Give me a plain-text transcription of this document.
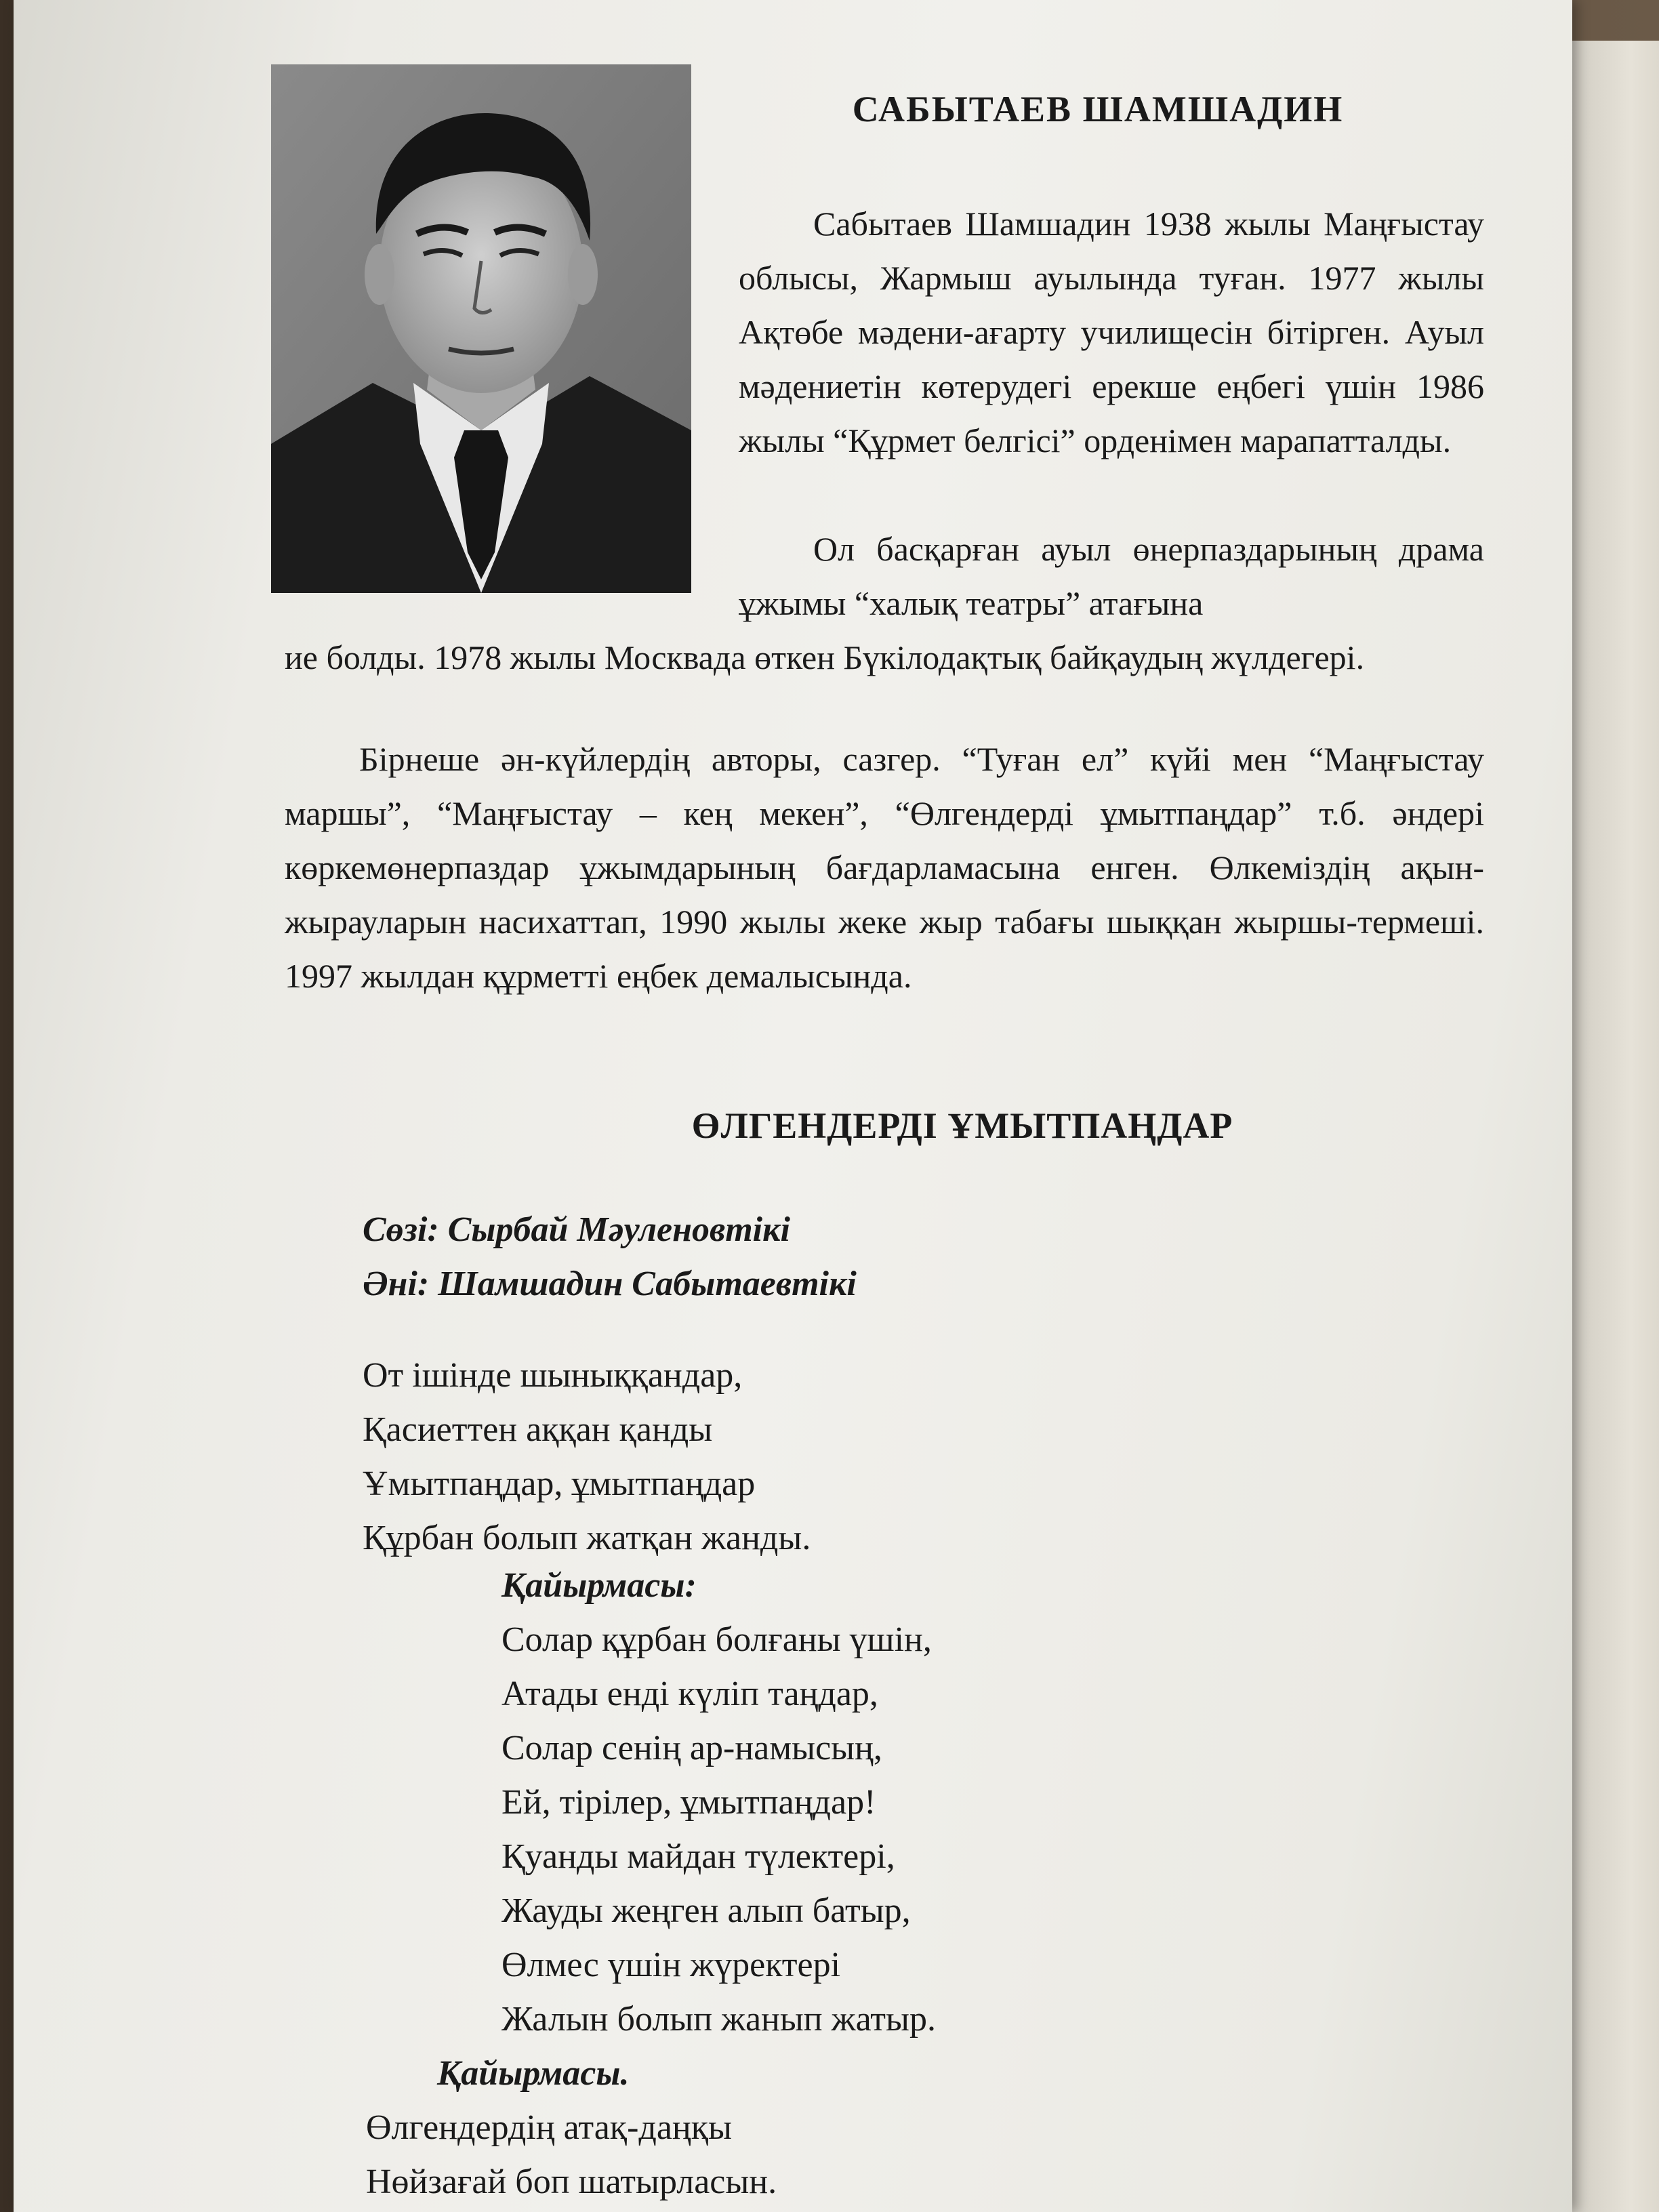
САБЫТАЕВ ШАМШАДИН
Сабытаев Шамшадин 1938 жылы Маңғыстау облысы, Жармыш ауылында туған. 1977 жылы Ақтөбе мәдени-ағарту училищесін бітірген. Ауыл мәдениетін көтерудегі ерекше еңбегі үшін 1986 жылы “Құрмет белгісі” орденімен марапатталды.
Ол басқарған ауыл өнерпаздарының драма ұжымы “халық театры” атағына
ие болды. 1978 жылы Москвада өткен Бүкілодақтық байқаудың жүлдегері.
Бірнеше ән-күйлердің авторы, сазгер. “Туған ел” күйі мен “Маңғыстау маршы”, “Маңғыстау – кең мекен”, “Өлгендерді ұмытпаңдар” т.б. әндері көркемөнерпаздар ұжымдарының бағдарламасына енген. Өлкеміздің ақын-жырауларын насихаттап, 1990 жылы жеке жыр табағы шыққан жыршы-термеші. 1997 жылдан құрметті еңбек демалысында.
ӨЛГЕНДЕРДІ ҰМЫТПАҢДАР
Сөзі: Сырбай Мәуленовтікі
Әні: Шамшадин Сабытаевтікі
От ішінде шыныққандар,
Қасиеттен аққан қанды
Ұмытпаңдар, ұмытпаңдар
Құрбан болып жатқан жанды.
Қайырмасы:
Солар құрбан болғаны үшін,
Атады енді күліп таңдар,
Солар сенің ар-намысың,
Ей, тірілер, ұмытпаңдар!
Қуанды майдан түлектері,
Жауды жеңген алып батыр,
Өлмес үшін жүректері
Жалын болып жанып жатыр.
Қайырмасы.
Өлгендердің атақ-даңқы
Нөйзағай боп шатырласын.
